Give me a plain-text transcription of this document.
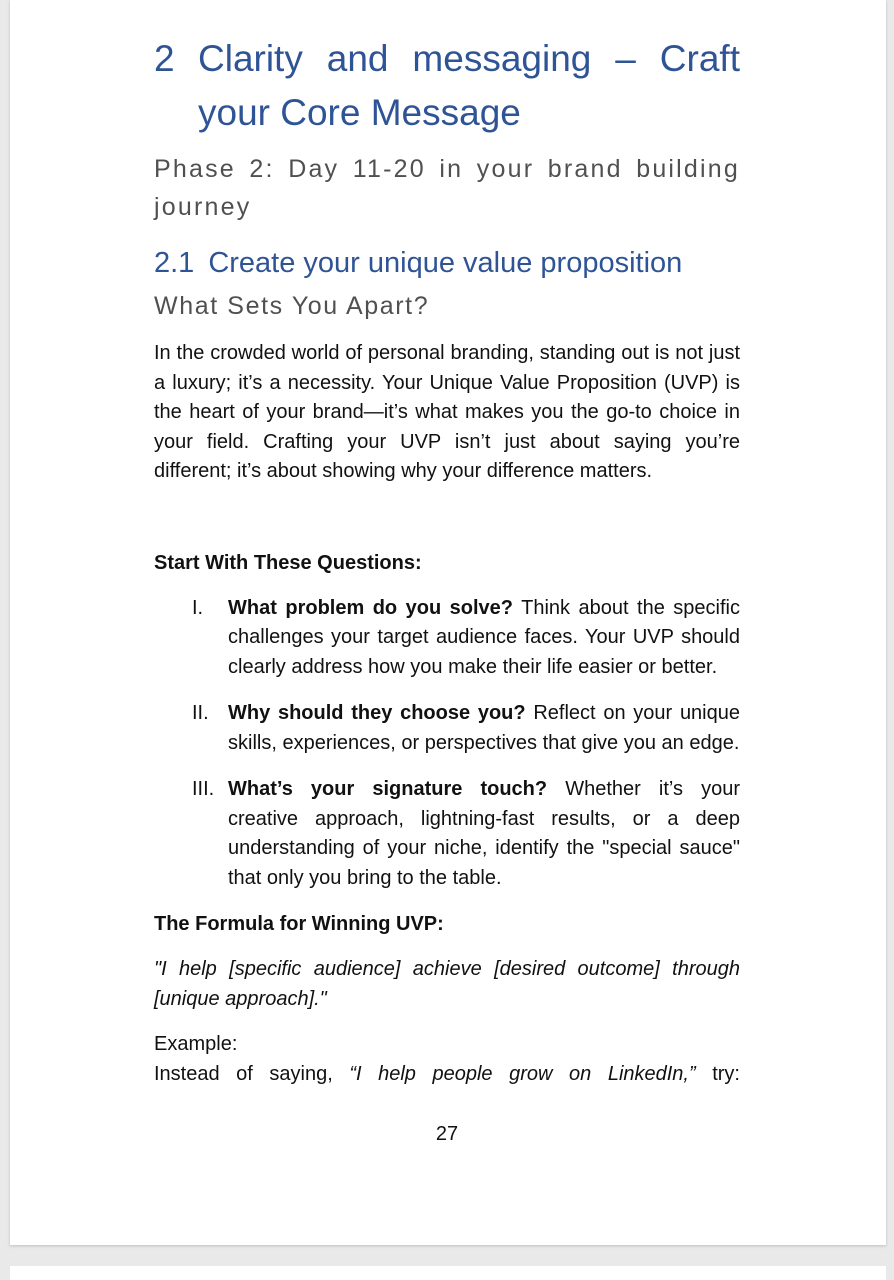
2 Clarity and messaging – Craft
your Core Message
Phase 2: Day 11-20 in your brand building journey
2.1 Create your unique value proposition
What Sets You Apart?

In the crowded world of personal branding, standing out is not just a luxury; it’s a necessity. Your Unique Value Proposition (UVP) is the heart of your brand—it’s what makes you the go-to choice in your field. Crafting your UVP isn’t just about saying you’re different; it’s about showing why your difference matters.

Start With These Questions:
I.	What problem do you solve? Think about the specific challenges your target audience faces. Your UVP should clearly address how you make their life easier or better.
II. Why should they choose you? Reflect on your unique skills, experiences, or perspectives that give you an edge.
III. What’s your signature touch? Whether it’s your creative approach, lightning-fast results, or a deep understanding of your niche, identify the "special sauce" that only you bring to the table.
The Formula for Winning UVP:
"I help [specific audience] achieve [desired outcome] through [unique approach]."
Example:
Instead of saying, “I help people grow on LinkedIn,” try:
27
